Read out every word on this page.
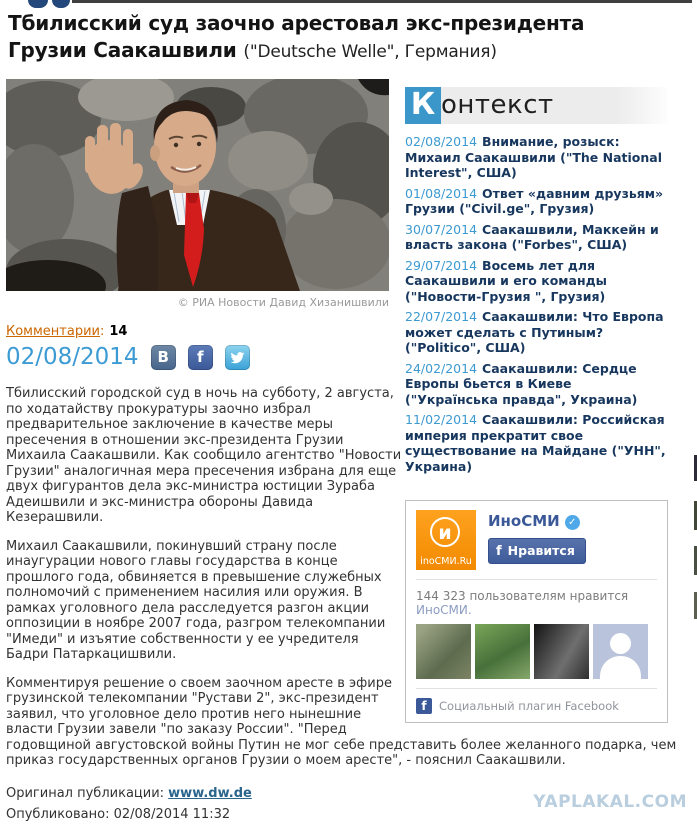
Тбилисский суд заочно арестовал экс-президента Грузии Саакашвили ("Deutsche Welle", Германия)
К онтекст
02/08/2014 Внимание, розыск: Михаил Саакашвили ("The National Interest", США)
01/08/2014 Ответ «давним друзьям» Грузии ("Civil.ge", Грузия)
30/07/2014 Саакашвили, Маккейн и власть закона ("Forbes", США)
29/07/2014 Восемь лет для Саакашвили и его команды ("Новости-Грузия ", Грузия)
22/07/2014 Саакашвили: Что Европа может сделать с Путиным? ("Politico", США)
24/02/2014 Саакашвили: Сердце Европы бьется в Киеве ("Українська правда", Украина)
11/02/2014 Саакашвили: Российская империя прекратит свое существование на Майдане ("УНН", Украина)
и
inoСМИ.Ru
ИноСМИ ✓
f Нравится
144 323 пользователям нравится ИноСМИ.
f	Социальный плагин Facebook
© РИА Новости Давид Хизанишвили
Комментарии: 14
02/08/2014 В f

Тбилисский городской суд в ночь на субботу, 2 августа, по ходатайству прокуратуры заочно избрал предварительное заключение в качестве меры пресечения в отношении экс-президента Грузии Михаила Саакашвили. Как сообщило агентство "Новости Грузии" аналогичная мера пресечения избрана для еще двух фигурантов дела экс-министра юстиции Зураба Адеишвили и экс-министра обороны Давида Кезерашвили.

Михаил Саакашвили, покинувший страну после инаугурации нового главы государства в конце прошлого года, обвиняется в превышение служебных полномочий с применением насилия или оружия. В рамках уголовного дела расследуется разгон акции оппозиции в ноябре 2007 года, разгром телекомпании "Имеди" и изъятие собственности у ее учредителя Бадри Патаркацишвили.

Комментируя решение о своем заочном аресте в эфире грузинской телекомпании "Рустави 2", экс-президент заявил, что уголовное дело против него нынешние власти Грузии завели "по заказу России". "Перед годовщиной августовской войны Путин не мог себе представить более желанного подарка, чем приказ государственных органов Грузии о моем аресте", - пояснил Саакашвили.

Оригинал публикации: www.dw.de
Опубликовано: 02/08/2014 11:32
YAPLAKAL.COM
